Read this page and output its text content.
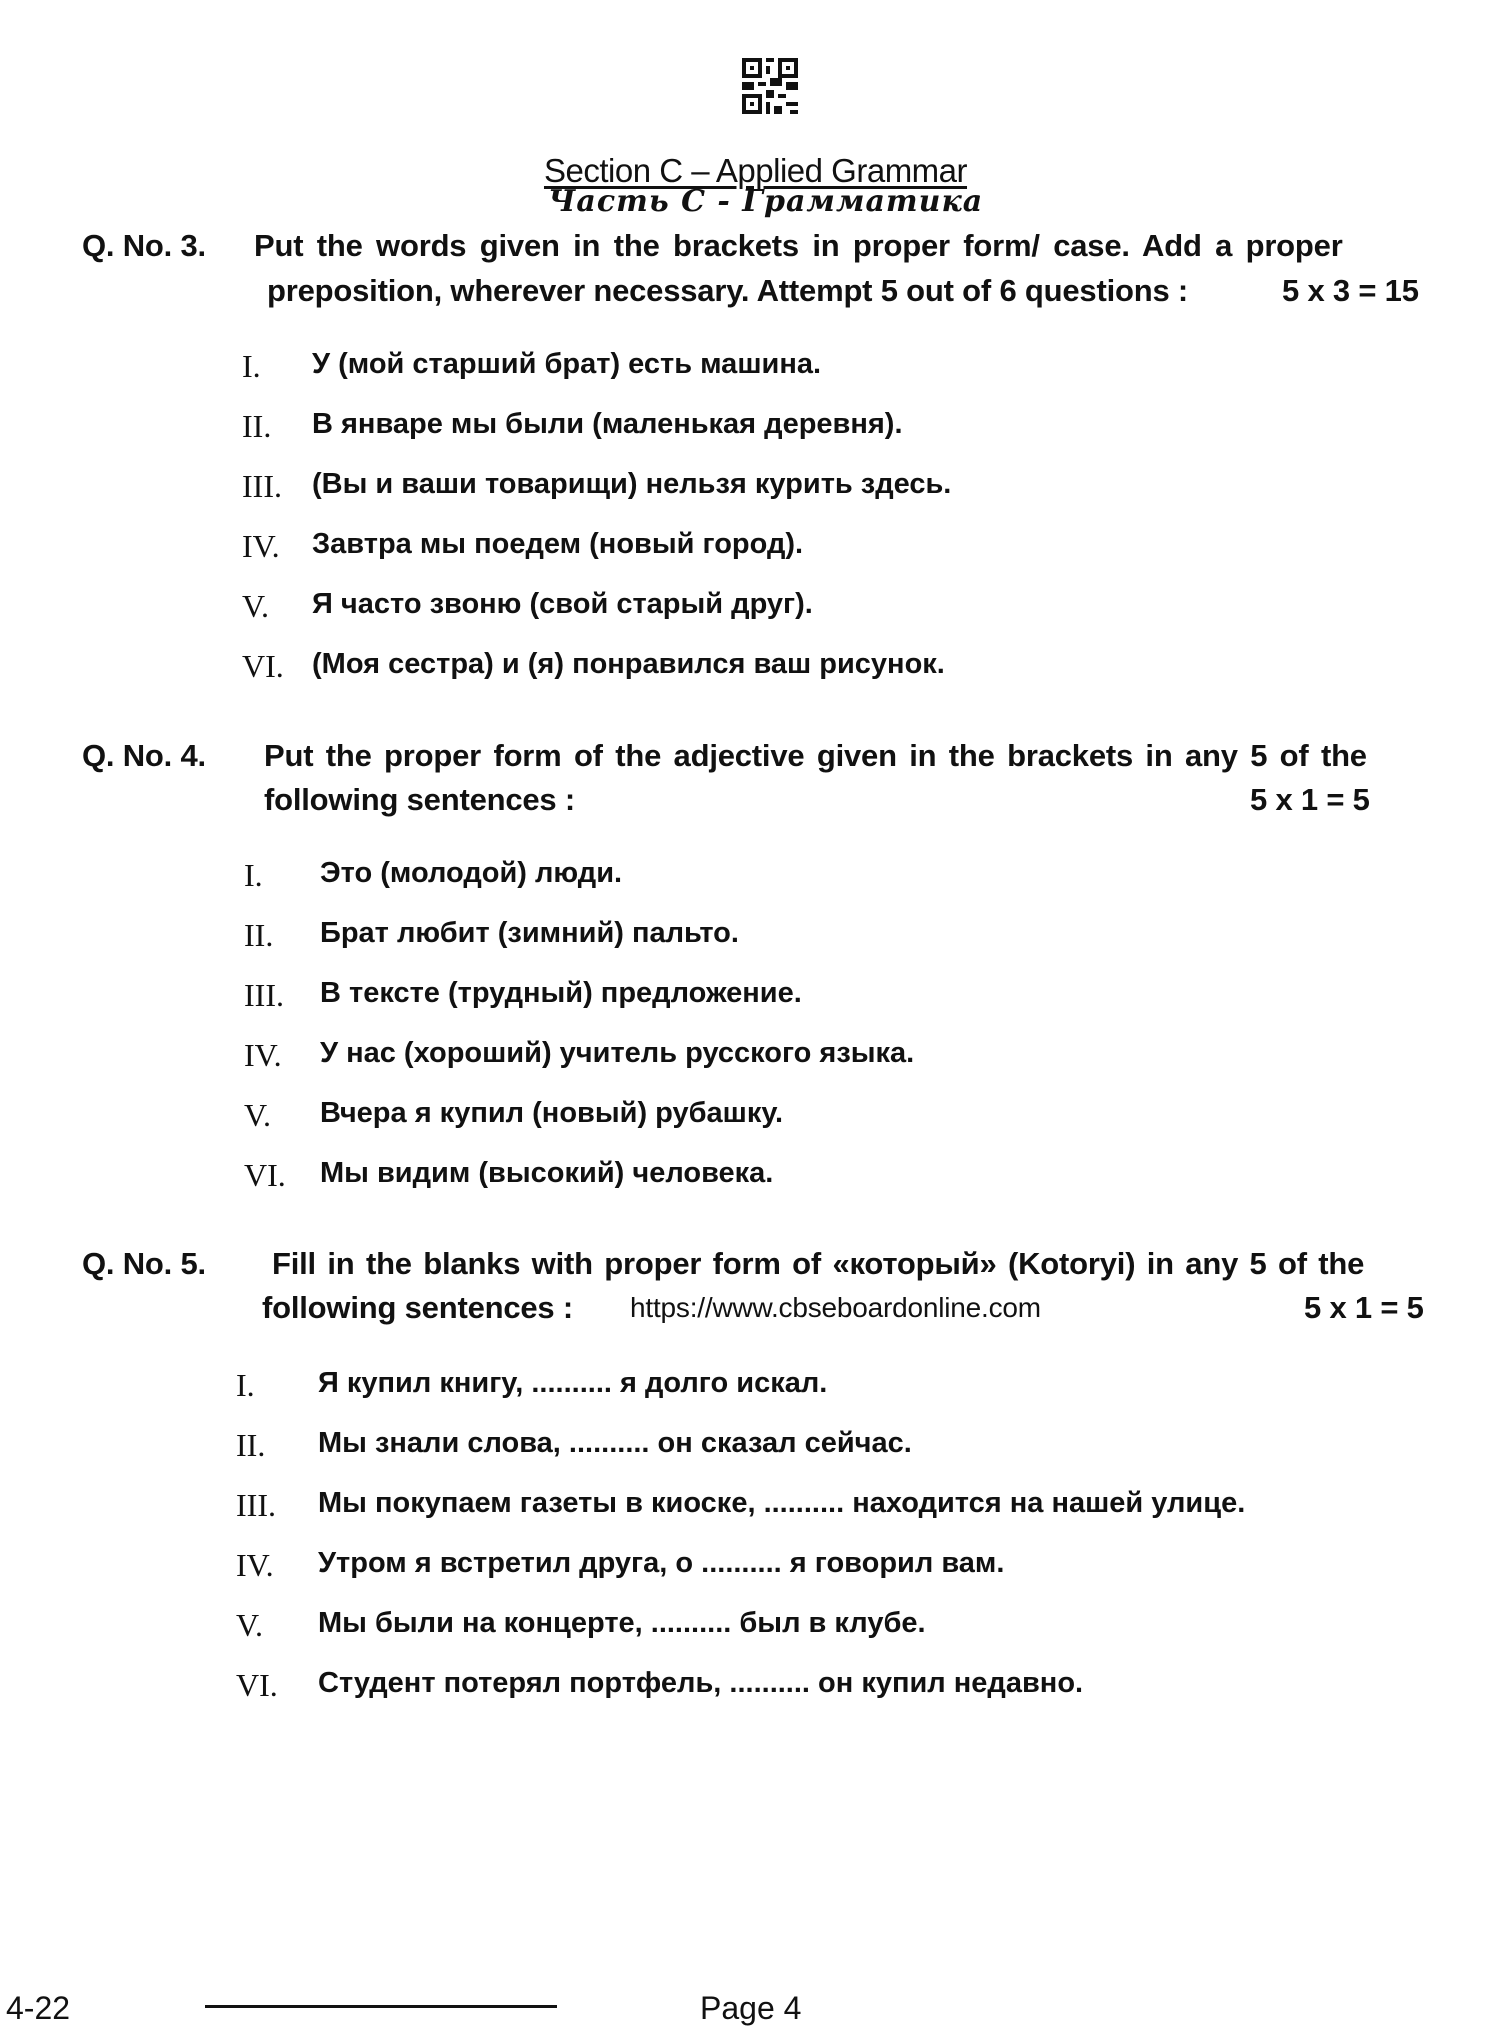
Section C – Applied Grammar
Часть C - Грамматика
Q. No. 3. Put the words given in the brackets in proper form/ case. Add a proper
preposition, wherever necessary. Attempt 5 out of 6 questions :	5 x 3 = 15
I. У (мой старший брат) есть машина.
II. В январе мы были (маленькая деревня).
III. (Вы и ваши товарищи) нельзя курить здесь.
IV. Завтра мы поедем (новый город).
V. Я часто звоню (свой старый друг).
VI. (Моя сестра) и (я) понравился ваш рисунок.
Q. No. 4. Put the proper form of the adjective given in the brackets in any 5 of the
following sentences :	5 x 1 = 5
I. Это (молодой) люди.
II. Брат любит (зимний) пальто.
III. В тексте (трудный) предложение.
IV. У нас (хороший) учитель русского языка.
V. Вчера я купил (новый) рубашку.
VI. Мы видим (высокий) человека.
Q. No. 5. Fill in the blanks with proper form of «который» (Kotoryi) in any 5 of the
following sentences : https://www.cbseboardonline.com	5 x 1 = 5
I. Я купил книгу, .......... я долго искал.
II. Мы знали слова, .......... он сказал сейчас.
III. Мы покупаем газеты в киоске, .......... находится на нашей улице.
IV. Утром я встретил друга, о .......... я говорил вам.
V. Мы были на концерте, .......... был в клубе.
VI. Студент потерял портфель, .......... он купил недавно.
4-22	Page 4
